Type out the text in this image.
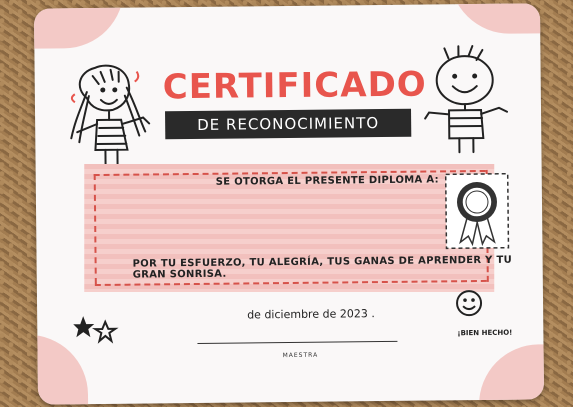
CERTIFICADO
DE RECONOCIMIENTO
SE OTORGA EL PRESENTE DIPLOMA A:
POR TU ESFUERZO, TU ALEGRÍA, TUS GANAS DE APRENDER Y TU GRAN SONRISA.
de diciembre de 2023 .
MAESTRA
¡BIEN HECHO!
